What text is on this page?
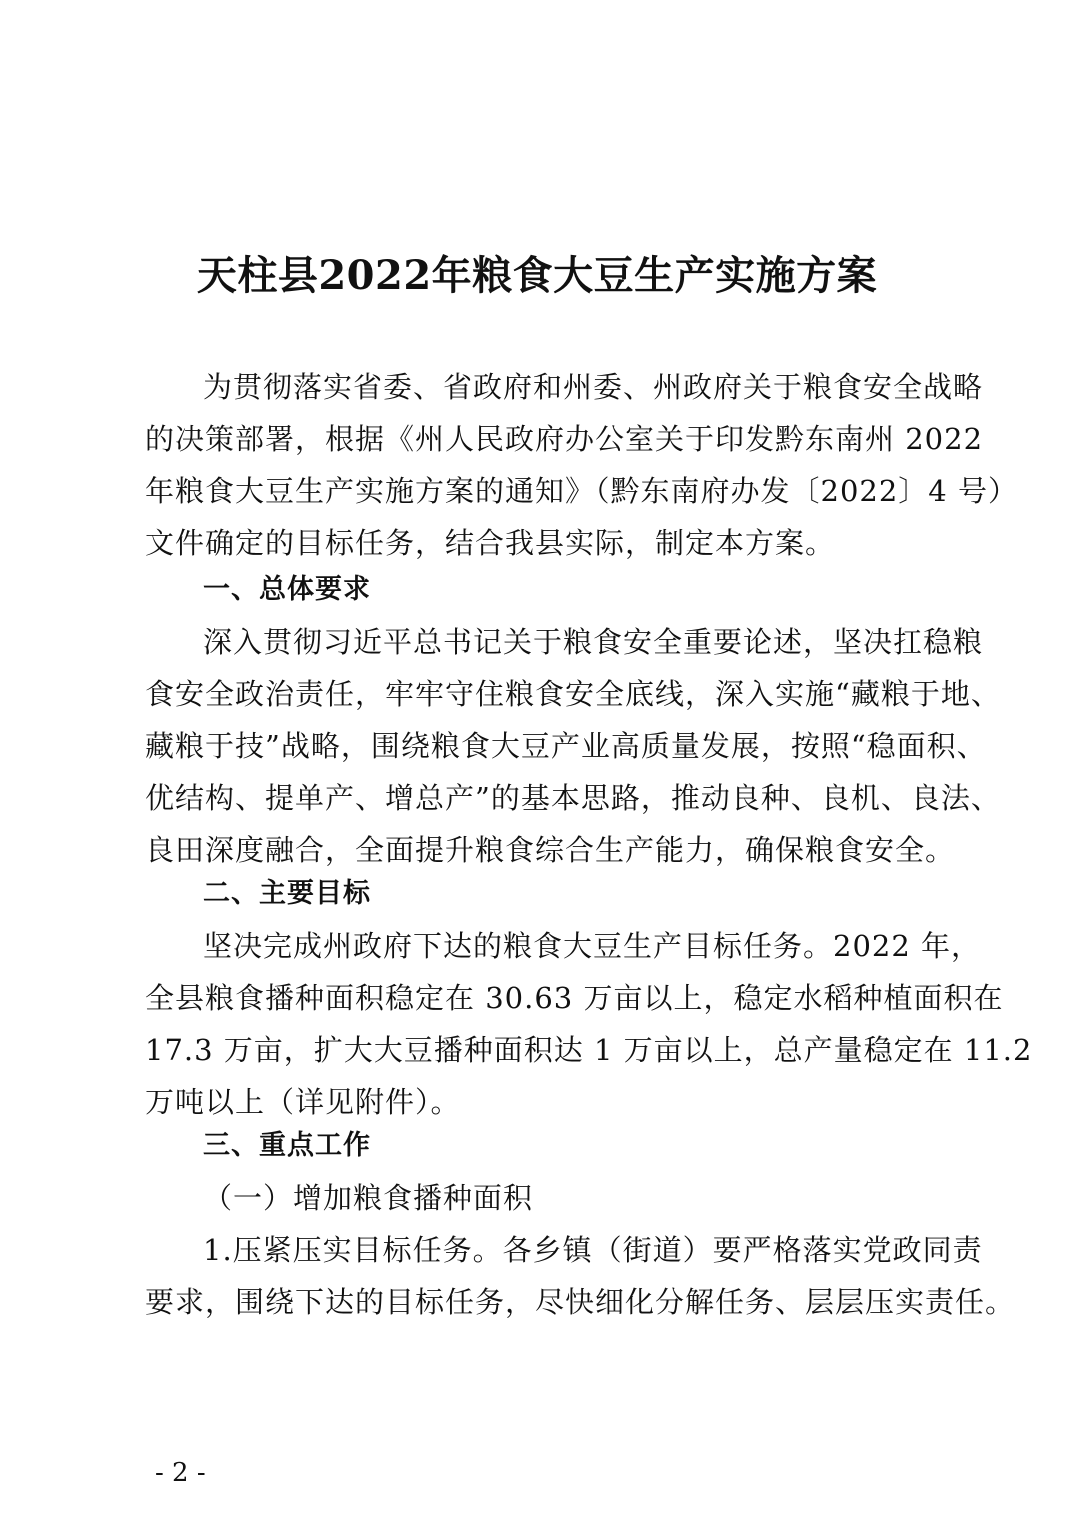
天柱县2022年粮食大豆生产实施方案
为贯彻落实省委、省政府和州委、州政府关于粮食安全战略
的决策部署，根据《州人民政府办公室关于印发黔东南州 2022
年粮食大豆生产实施方案的通知》（黔东南府办发〔2022〕4 号）
文件确定的目标任务，结合我县实际，制定本方案。
一、总体要求
深入贯彻习近平总书记关于粮食安全重要论述，坚决扛稳粮
食安全政治责任，牢牢守住粮食安全底线，深入实施“藏粮于地、
藏粮于技”战略，围绕粮食大豆产业高质量发展，按照“稳面积、
优结构、提单产、增总产”的基本思路，推动良种、良机、良法、
良田深度融合，全面提升粮食综合生产能力，确保粮食安全。
二、主要目标
坚决完成州政府下达的粮食大豆生产目标任务。2022 年，
全县粮食播种面积稳定在 30.63 万亩以上，稳定水稻种植面积在
17.3 万亩，扩大大豆播种面积达 1 万亩以上，总产量稳定在 11.2
万吨以上（详见附件）。
三、重点工作
（一）增加粮食播种面积
1.压紧压实目标任务。各乡镇（街道）要严格落实党政同责
要求，围绕下达的目标任务，尽快细化分解任务、层层压实责任。
- 2 -
